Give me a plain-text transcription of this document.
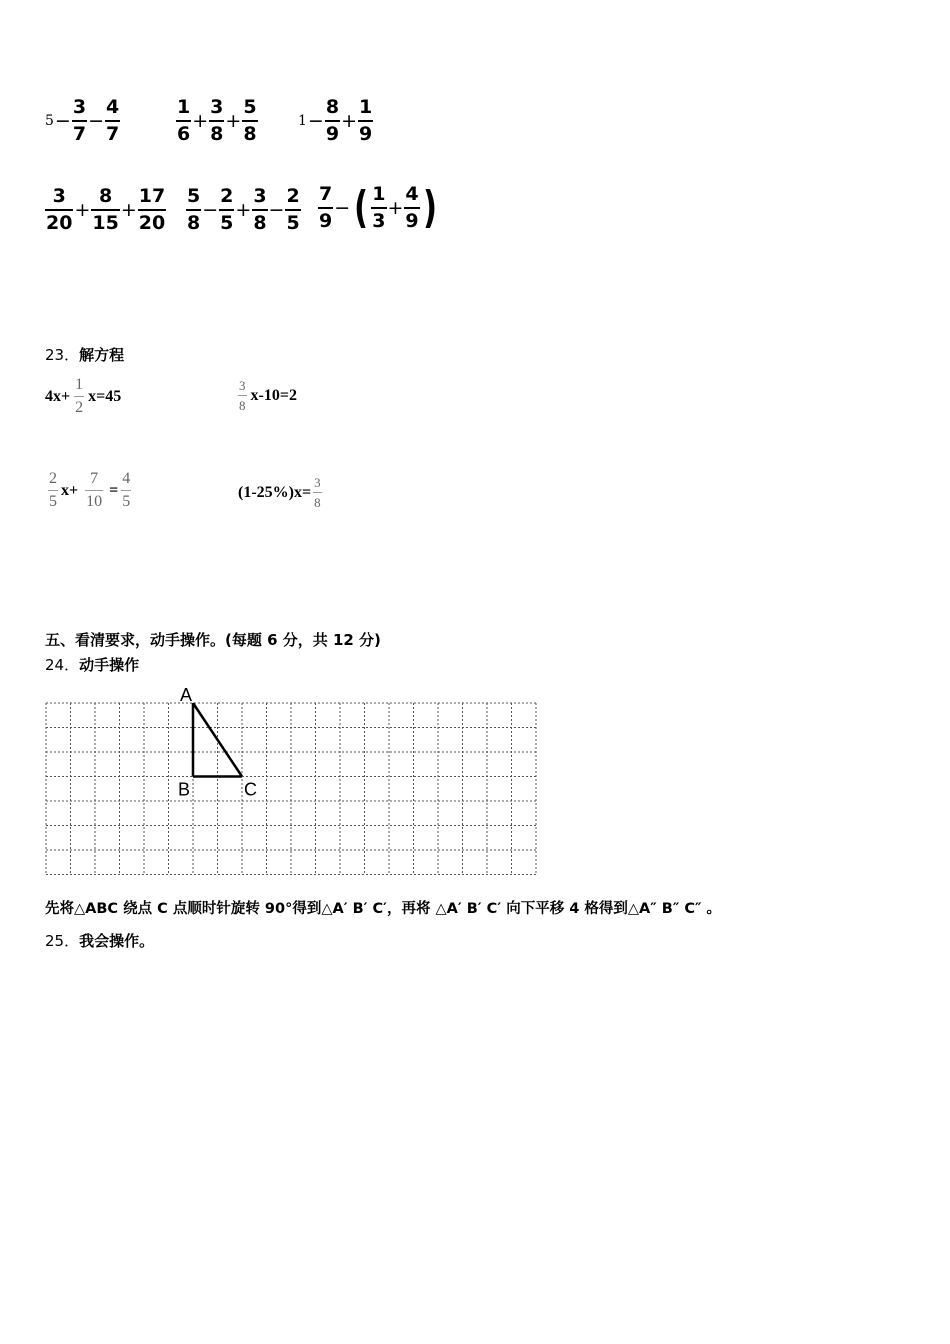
$5 - \frac{3}{7} - \frac{4}{7}$	$\frac{1}{6} + \frac{3}{8} + \frac{5}{8}$	$1 - \frac{8}{9} + \frac{1}{9}$
$\frac{3}{20} + \frac{8}{15} + \frac{17}{20} \frac{5}{8} - \frac{2}{5} + \frac{3}{8} - \frac{2}{5} \frac{7}{9}$ − ( $\frac{1}{3} + \frac{4}{9}$ )
23． 解方程
$4x+ \frac{1}{2} x=45$	$\frac{3}{8} x-10=2$
$\frac{2}{5} x+ \frac{7}{10} = \frac{4}{5}$	$(1-25\%)x= \frac{3}{8}$
五、看清要求，动手操作。(每题 6 分，共 12 分)
24． 动手操作
A
B	C
先将△ABC 绕点 C 点顺时针旋转 90°得到△A′ B′ C′，再将 △A′ B′ C′ 向下平移 4 格得到△A″ B″ C″ 。
25． 我会操作。
